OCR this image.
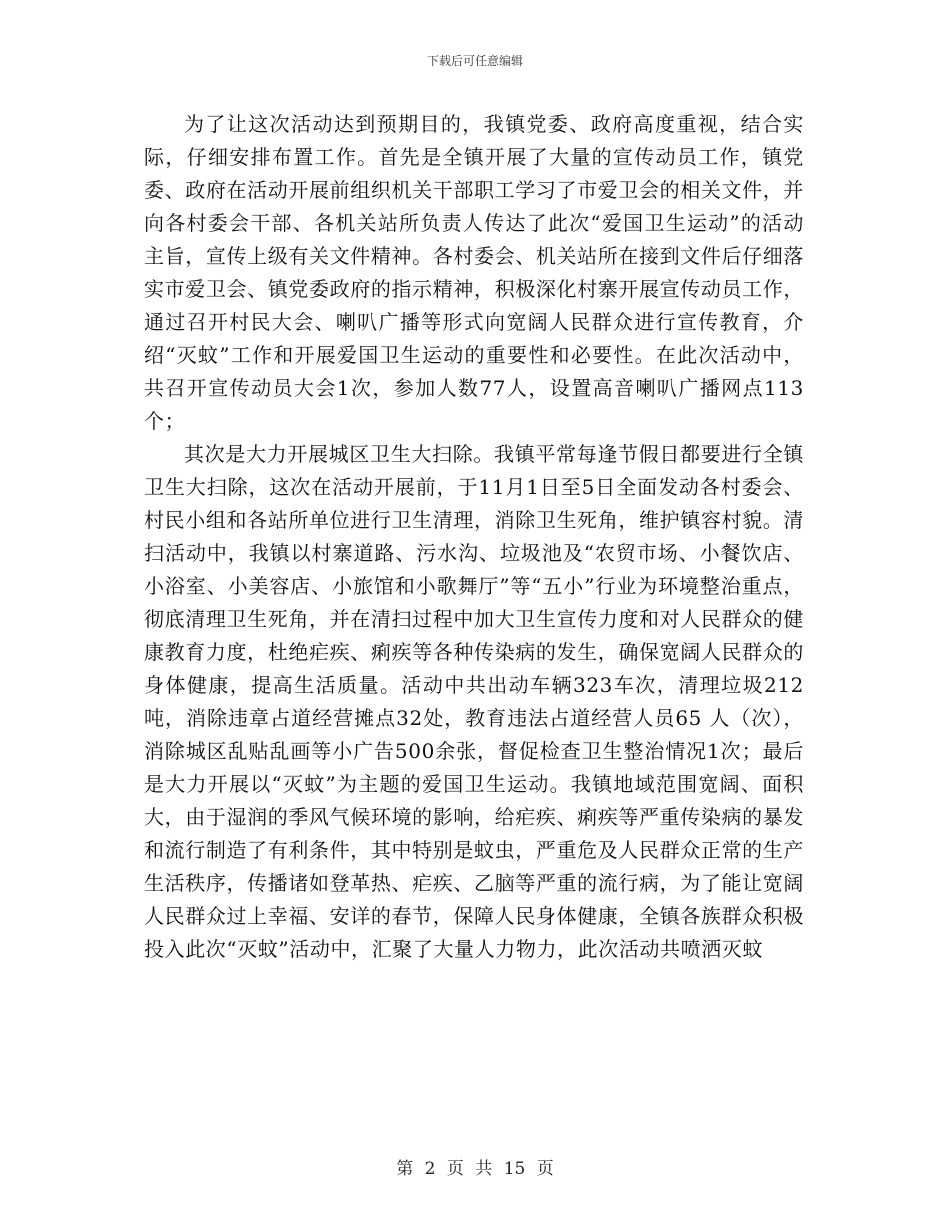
下载后可任意编辑

为了让这次活动达到预期目的，我镇党委、政府高度重视，结合实际，仔细安排布置工作。首先是全镇开展了大量的宣传动员工作，镇党委、政府在活动开展前组织机关干部职工学习了市爱卫会的相关文件，并向各村委会干部、各机关站所负责人传达了此次“爱国卫生运动”的活动主旨，宣传上级有关文件精神。各村委会、机关站所在接到文件后仔细落实市爱卫会、镇党委政府的指示精神，积极深化村寨开展宣传动员工作，通过召开村民大会、喇叭广播等形式向宽阔人民群众进行宣传教育，介绍“灭蚊”工作和开展爱国卫生运动的重要性和必要性。在此次活动中，共召开宣传动员大会1次，参加人数77人，设置高音喇叭广播网点113个；

其次是大力开展城区卫生大扫除。我镇平常每逢节假日都要进行全镇卫生大扫除，这次在活动开展前，于11月1日至5日全面发动各村委会、村民小组和各站所单位进行卫生清理，消除卫生死角，维护镇容村貌。清扫活动中，我镇以村寨道路、污水沟、垃圾池及“农贸市场、小餐饮店、小浴室、小美容店、小旅馆和小歌舞厅”等“五小”行业为环境整治重点，彻底清理卫生死角，并在清扫过程中加大卫生宣传力度和对人民群众的健康教育力度，杜绝疟疾、痢疾等各种传染病的发生，确保宽阔人民群众的身体健康，提高生活质量。活动中共出动车辆323车次，清理垃圾212吨，消除违章占道经营摊点32处，教育违法占道经营人员65 人（次），消除城区乱贴乱画等小广告500余张，督促检查卫生整治情况1次；最后是大力开展以“灭蚊”为主题的爱国卫生运动。我镇地域范围宽阔、面积大，由于湿润的季风气候环境的影响，给疟疾、痢疾等严重传染病的暴发和流行制造了有利条件，其中特别是蚊虫，严重危及人民群众正常的生产生活秩序，传播诸如登革热、疟疾、乙脑等严重的流行病，为了能让宽阔人民群众过上幸福、安详的春节，保障人民身体健康，全镇各族群众积极投入此次“灭蚊”活动中，汇聚了大量人力物力，此次活动共喷洒灭蚊

第 2 页 共 15 页
